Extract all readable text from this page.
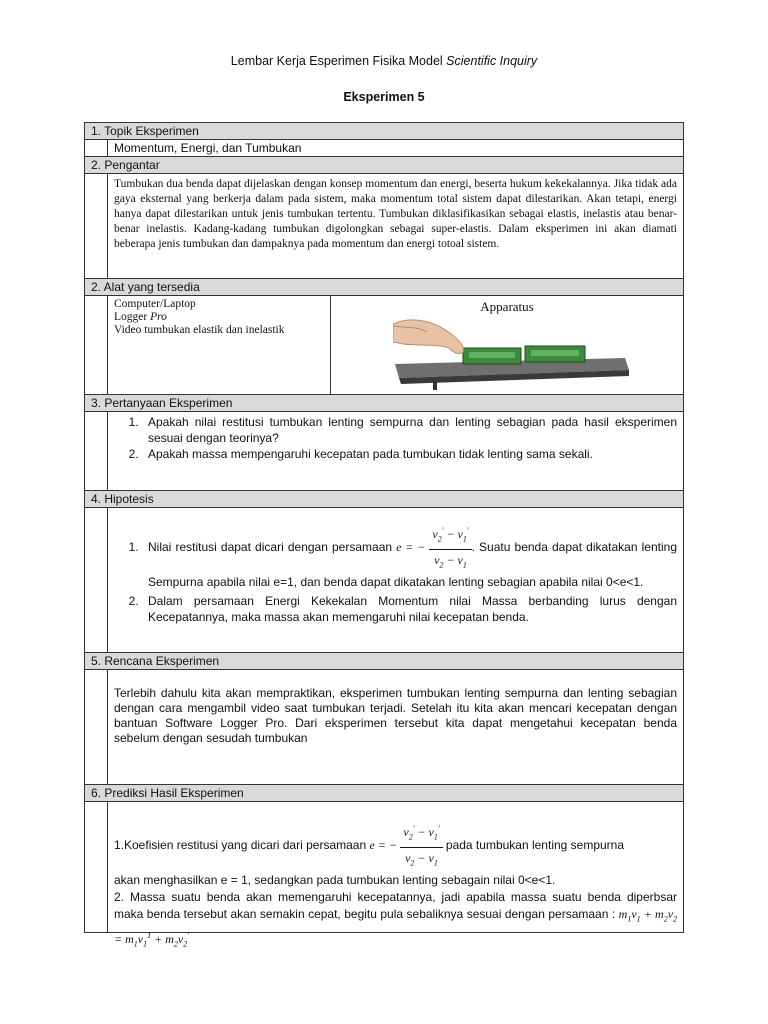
Lembar Kerja Esperimen Fisika Model Scientific Inquiry
Eksperimen 5
1. Topik Eksperimen
Momentum, Energi, dan Tumbukan
2. Pengantar
Tumbukan dua benda dapat dijelaskan dengan konsep momentum dan energi, beserta hukum kekekalannya. Jika tidak ada gaya eksternal yang berkerja dalam pada sistem, maka momentum total sistem dapat dilestarikan. Akan tetapi, energi hanya dapat dilestarikan untuk jenis tumbukan tertentu. Tumbukan diklasifikasikan sebagai elastis, inelastis atau benar-benar inelastis. Kadang-kadang tumbukan digolongkan sebagai super-elastis. Dalam eksperimen ini akan diamati beberapa jenis tumbukan dan dampaknya pada momentum dan energi totoal sistem.
2. Alat yang tersedia
Computer/Laptop
Logger Pro
Video tumbukan elastik dan inelastik
Apparatus
3. Pertanyaan Eksperimen
1. Apakah nilai restitusi tumbukan lenting sempurna dan lenting sebagian pada hasil eksperimen sesuai dengan teorinya?
2. Apakah massa mempengaruhi kecepatan pada tumbukan tidak lenting sama sekali.
4. Hipotesis
1. Nilai restitusi dapat dicari dengan persamaan e = − $\frac{v_2' - v_1'}{v_2 - v_1}$ . Suatu benda dapat dikatakan lenting Sempurna apabila nilai e=1, dan benda dapat dikatakan lenting sebagian apabila nilai 0<e<1.
2. Dalam persamaan Energi Kekekalan Momentum nilai Massa berbanding lurus dengan Kecepatannya, maka massa akan memengaruhi nilai kecepatan benda.
5. Rencana Eksperimen
Terlebih dahulu kita akan mempraktikan, eksperimen tumbukan lenting sempurna dan lenting sebagian dengan cara mengambil video saat tumbukan terjadi. Setelah itu kita akan mencari kecepatan dengan bantuan Software Logger Pro. Dari eksperimen tersebut kita dapat mengetahui kecepatan benda sebelum dengan sesudah tumbukan
6. Prediksi Hasil Eksperimen
1.Koefisien restitusi yang dicari dari persamaan e = − $\frac{v_2' - v_1'}{v_2 - v_1}$ pada tumbukan lenting sempurna
akan menghasilkan e = 1, sedangkan pada tumbukan lenting sebagain nilai 0<e<1.
2. Massa suatu benda akan memengaruhi kecepatannya, jadi apabila massa suatu benda diperbsar maka benda tersebut akan semakin cepat, begitu pula sebaliknya sesuai dengan persamaan : $m_1v_1 + m_2v_2 = m_1v_1^1 + m_2v_2'$
